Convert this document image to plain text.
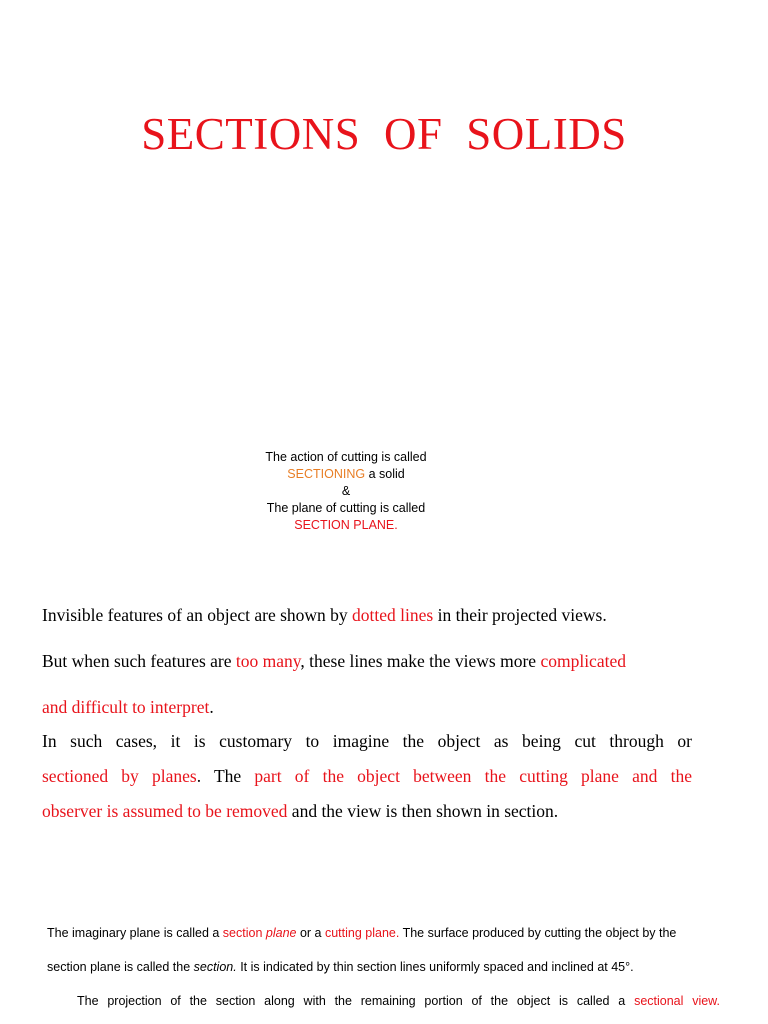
SECTIONS OF SOLIDS
The action of cutting is called
SECTIONING a solid
&
The plane of cutting is called
SECTION PLANE.
Invisible features of an object are shown by dotted lines in their projected views.
But when such features are too many, these lines make the views more complicated
and difficult to interpret.
In such cases, it is customary to imagine the object as being cut through or
sectioned by planes. The part of the object between the cutting plane and the
observer is assumed to be removed and the view is then shown in section.
The imaginary plane is called a section plane or a cutting plane. The surface produced by cutting the object by the
section plane is called the section. It is indicated by thin section lines uniformly spaced and inclined at 45°.
The projection of the section along with the remaining portion of the object is called a sectional view.
